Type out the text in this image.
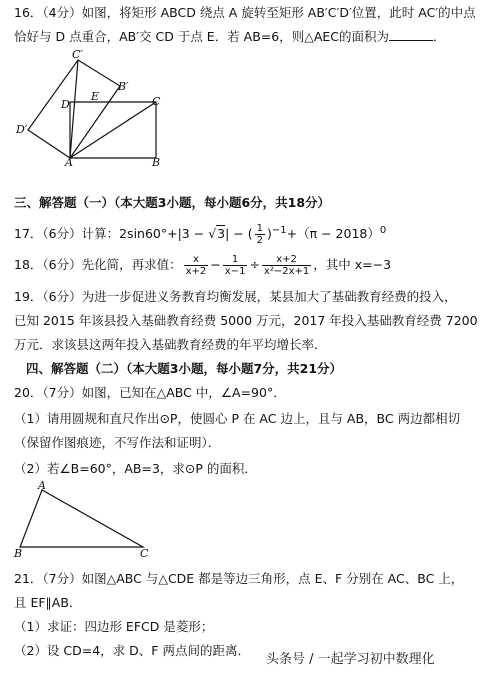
16．（4分）如图，将矩形 ABCD 绕点 A 旋转至矩形 AB′C′D′位置，此时 AC′的中点
恰好与 D 点重合，AB′交 CD 于点 E．若 AB=6，则△AEC的面积为	．
C′
B′
D
E	C
D′
A	B
三、解答题（一）（本大题3小题，每小题6分，共18分）
17．（6分）计算：2sin60°+|3 − √3| − ( $\frac{1}{2} )^{-1}+(\pi - 2018)^0$
18．（6分）先化简，再求值： $\frac{x}{x+2} - \frac{1}{x-1} \div \frac{x+2}{\text{x²−2x+1}}$ ，其中 x=−3
19．（6分）为进一步促进义务教育均衡发展，某县加大了基础教育经费的投入，
已知 2015 年该县投入基础教育经费 5000 万元，2017 年投入基础教育经费 7200
万元．求该县这两年投入基础教育经费的年平均增长率．
四、解答题（二）（本大题3小题，每小题7分，共21分）
20．（7分）如图，已知在△ABC 中，∠A=90°．
（1）请用圆规和直尺作出⊙P，使圆心 P 在 AC 边上，且与 AB，BC 两边都相切
（保留作图痕迹，不写作法和证明）．
（2）若∠B=60°，AB=3，求⊙P 的面积．
A
B	C
21．（7分）如图△ABC 与△CDE 都是等边三角形，点 E、F 分别在 AC、BC 上，
且 EF∥AB．
（1）求证：四边形 EFCD 是菱形；
（2）设 CD=4，求 D、F 两点间的距离．
头条号 / 一起学习初中数理化
